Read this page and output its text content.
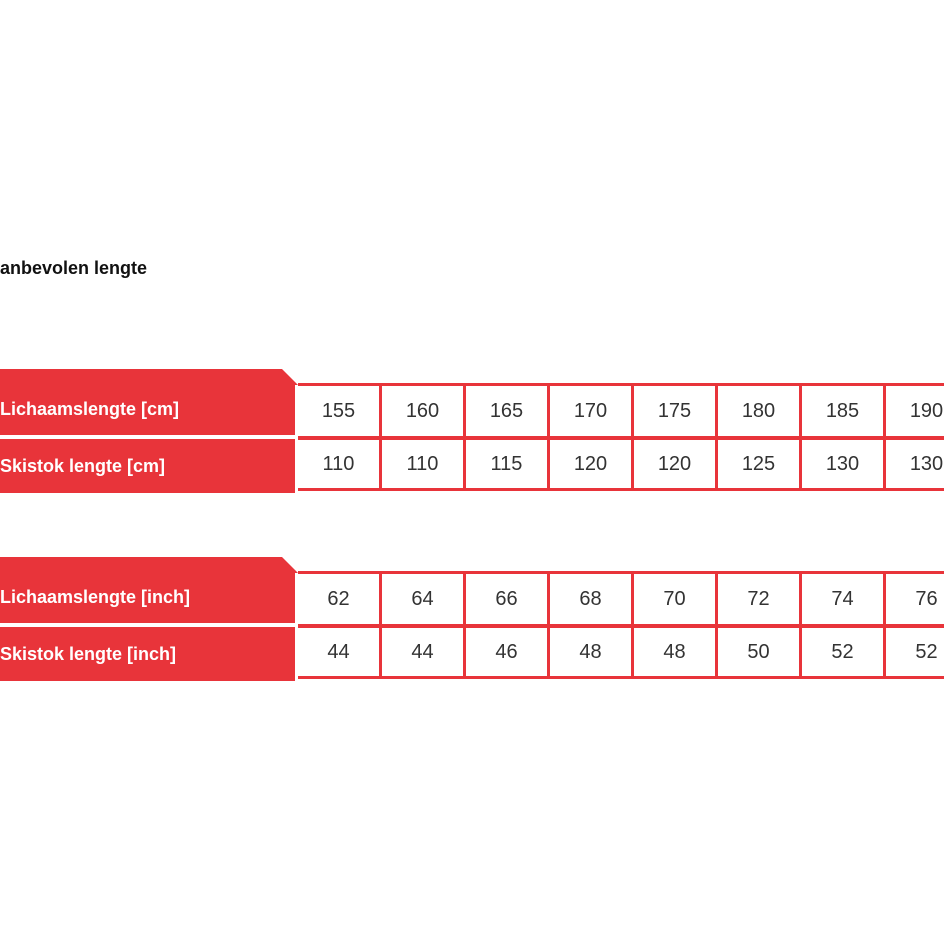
anbevolen lengte
Lichaamslengte [cm]	155	160	165	170	175	180	185	190
Skistok lengte [cm]	110	110	115	120	120	125	130	130
Lichaamslengte [inch]	62	64	66	68	70	72	74	76
Skistok lengte [inch]	44	44	46	48	48	50	52	52
